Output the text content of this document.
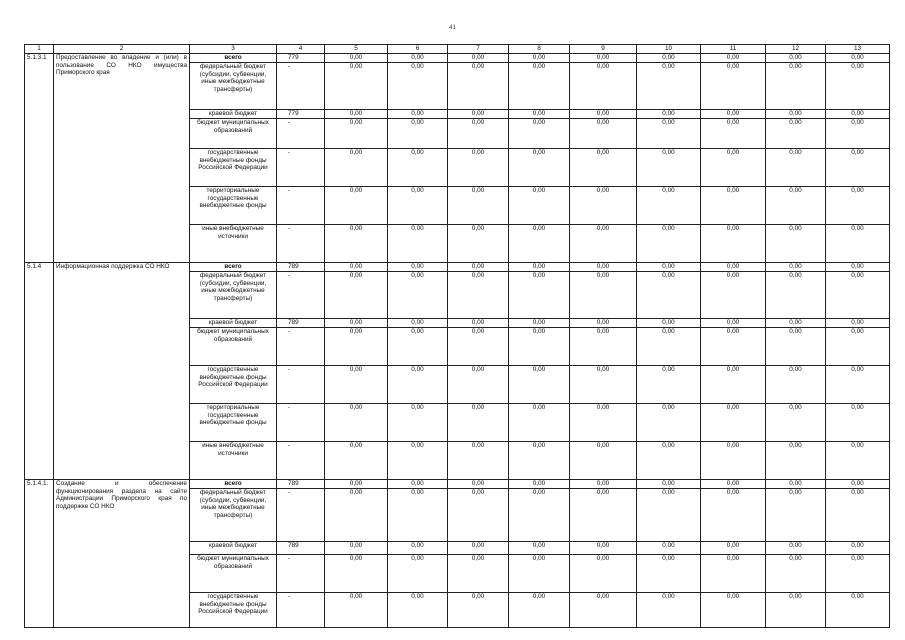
41
1	2	3	4	5	6	7	8	9	10	11	12	13
5.1.3.1	Предоставление во владение и (или) в пользование СО НКО имущества Приморского края	всего	779	0,00	0,00	0,00	0,00	0,00	0,00	0,00	0,00	0,00
		федеральный бюджет (субсидии, субвенции, иные межбюджетные трансферты)	-	0,00	0,00	0,00	0,00	0,00	0,00	0,00	0,00	0,00
		краевой бюджет	779	0,00	0,00	0,00	0,00	0,00	0,00	0,00	0,00	0,00
		бюджет муниципальных образований	-	0,00	0,00	0,00	0,00	0,00	0,00	0,00	0,00	0,00
		государственные внебюджетные фонды Российской Федерации	-	0,00	0,00	0,00	0,00	0,00	0,00	0,00	0,00	0,00
		территориальные государственные внебюджетные фонды	-	0,00	0,00	0,00	0,00	0,00	0,00	0,00	0,00	0,00
		иные внебюджетные источники	-	0,00	0,00	0,00	0,00	0,00	0,00	0,00	0,00	0,00
5.1.4	Информационная поддержка СО НКО	всего	789	0,00	0,00	0,00	0,00	0,00	0,00	0,00	0,00	0,00
		федеральный бюджет (субсидии, субвенции, иные межбюджетные трансферты)	-	0,00	0,00	0,00	0,00	0,00	0,00	0,00	0,00	0,00
		краевой бюджет	789	0,00	0,00	0,00	0,00	0,00	0,00	0,00	0,00	0,00
		бюджет муниципальных образований	-	0,00	0,00	0,00	0,00	0,00	0,00	0,00	0,00	0,00
		государственные внебюджетные фонды Российской Федерации	-	0,00	0,00	0,00	0,00	0,00	0,00	0,00	0,00	0,00
		территориальные государственные внебюджетные фонды	-	0,00	0,00	0,00	0,00	0,00	0,00	0,00	0,00	0,00
		иные внебюджетные источники	-	0,00	0,00	0,00	0,00	0,00	0,00	0,00	0,00	0,00
5.1.4.1.	Создание и обеспечение функционирования раздела на сайте Администрации Приморского края по поддержке СО НКО	всего	789	0,00	0,00	0,00	0,00	0,00	0,00	0,00	0,00	0,00
		федеральный бюджет (субсидии, субвенции, иные межбюджетные трансферты)	-	0,00	0,00	0,00	0,00	0,00	0,00	0,00	0,00	0,00
		краевой бюджет	789	0,00	0,00	0,00	0,00	0,00	0,00	0,00	0,00	0,00
		бюджет муниципальных образований	-	0,00	0,00	0,00	0,00	0,00	0,00	0,00	0,00	0,00
		государственные внебюджетные фонды Российской Федерации	-	0,00	0,00	0,00	0,00	0,00	0,00	0,00	0,00	0,00
